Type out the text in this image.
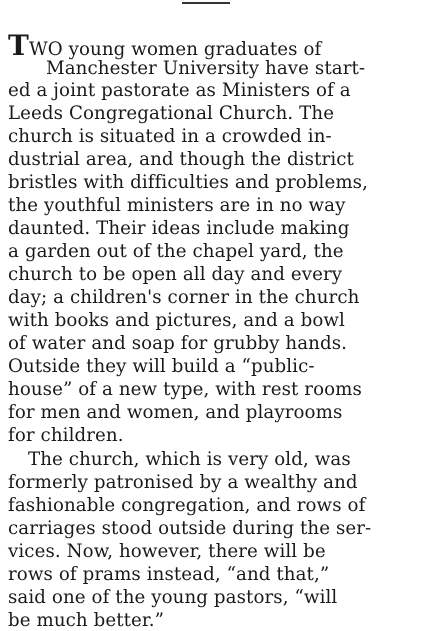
TWO young women graduates of
Manchester University have start-
ed a joint pastorate as Ministers of a
Leeds Congregational Church. The
church is situated in a crowded in-
dustrial area, and though the district
bristles with difficulties and problems,
the youthful ministers are in no way
daunted. Their ideas include making
a garden out of the chapel yard, the
church to be open all day and every
day; a children's corner in the church
with books and pictures, and a bowl
of water and soap for grubby hands.
Outside they will build a “public-
house” of a new type, with rest rooms
for men and women, and playrooms
for children.
The church, which is very old, was
formerly patronised by a wealthy and
fashionable congregation, and rows of
carriages stood outside during the ser-
vices. Now, however, there will be
rows of prams instead, “and that,”
said one of the young pastors, “will
be much better.”
